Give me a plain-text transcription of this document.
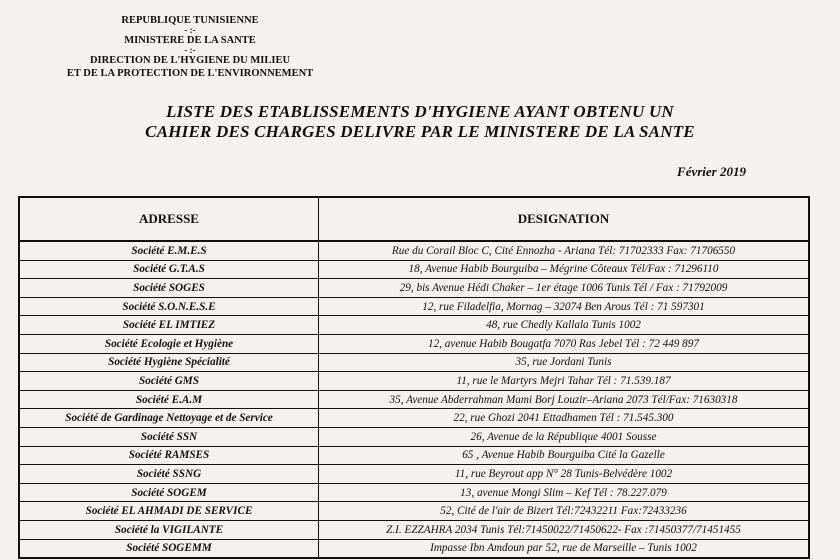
REPUBLIQUE TUNISIENNE
- :-
MINISTERE DE LA SANTE
- :-
DIRECTION DE L'HYGIENE DU MILIEU
ET DE LA PROTECTION DE L'ENVIRONNEMENT
LISTE DES ETABLISSEMENTS D'HYGIENE AYANT OBTENU UN
CAHIER DES CHARGES DELIVRE PAR LE MINISTERE DE LA SANTE
Février 2019
ADRESSE	DESIGNATION
Société E.M.E.S	Rue du Corail Bloc C, Cité Ennozha - Ariana Tél: 71702333 Fax: 71706550
Société G.T.A.S	18, Avenue Habib Bourguiba – Mégrine Côteaux Tél/Fax : 71296110
Société SOGES	29, bis Avenue Hédi Chaker – 1er étage 1006 Tunis Tél / Fax : 71792009
Société S.O.N.E.S.E	12, rue Filadelfia, Mornag – 32074 Ben Arous Tél : 71 597301
Société EL IMTIEZ	48, rue Chedly Kallala Tunis 1002
Société Ecologie et Hygiène	12, avenue Habib Bougatfa 7070 Ras Jebel Tél : 72 449 897
Société Hygiène Spécialité	35, rue Jordani Tunis
Société GMS	11, rue le Martyrs Mejri Tahar Tél : 71.539.187
Société E.A.M	35, Avenue Abderrahman Mami Borj Louzir–Ariana 2073 Tél/Fax: 71630318
Société de Gardinage Nettoyage et de Service	22, rue Ghozi 2041 Ettadhamen Tél : 71.545.300
Société SSN	26, Avenue de la République 4001 Sousse
Société RAMSES	65 , Avenue Habib Bourguiba Cité la Gazelle
Société SSNG	11, rue Beyrout app N° 28 Tunis-Belvédère 1002
Société SOGEM	13, avenue Mongi Slim – Kef Tél : 78.227.079
Société EL AHMADI DE SERVICE	52, Cité de l'air de Bizert Tél:72432211 Fax:72433236
Société la VIGILANTE	Z.I. EZZAHRA 2034 Tunis Tél:71450022/71450622- Fax :71450377/71451455
Société SOGEMM	Impasse Ibn Amdoun par 52, rue de Marseille – Tunis 1002
